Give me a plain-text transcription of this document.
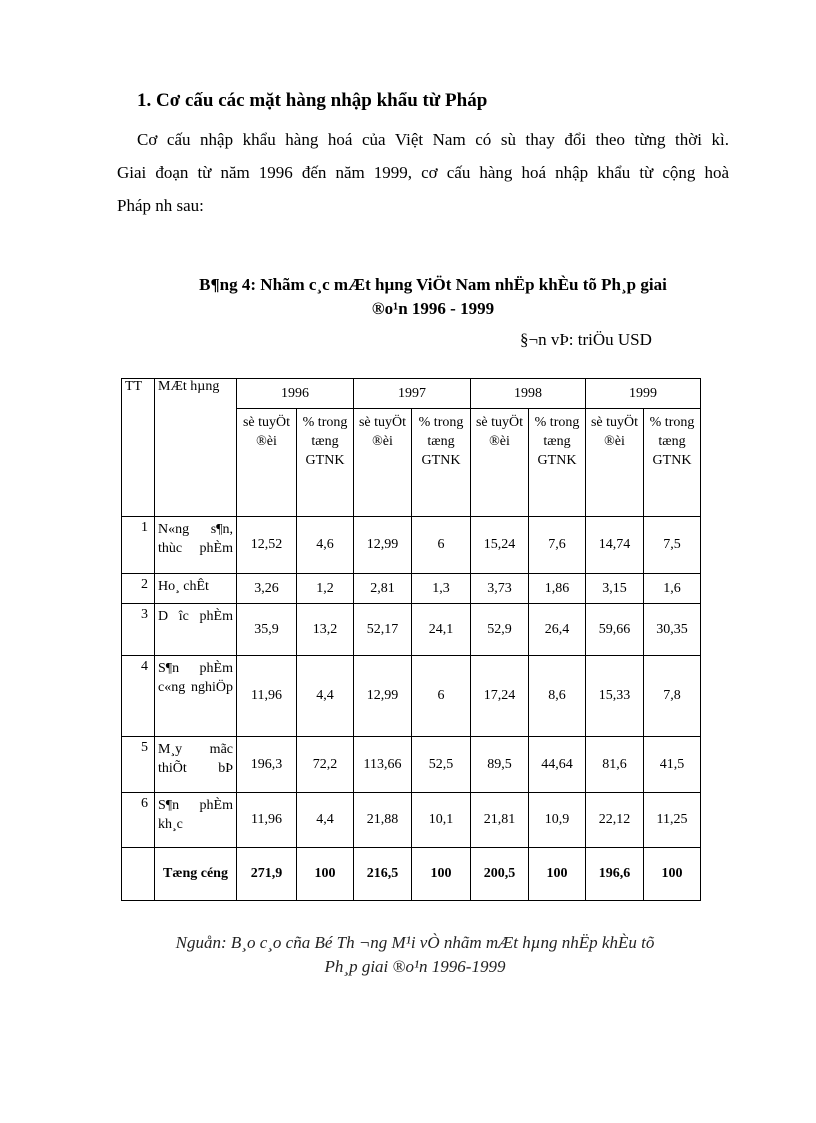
1. Cơ cấu các mặt hàng nhập khẩu từ Pháp
Cơ cấu nhập khẩu hàng hoá của Việt Nam có sù thay đổi theo từng thời kì.
Giai đoạn từ năm 1996 đến năm 1999, cơ cấu hàng hoá nhập khẩu từ cộng hoà
Pháp nh sau:
B¶ng 4: Nhãm c¸c mÆt hµng ViÖt Nam nhËp khÈu tõ Ph¸p giai
®o¹n 1996 - 1999
§¬n vÞ: triÖu USD
TT	MÆt hµng	1996		1997		1998		1999	
		sè tuyÖt ®èi	% trong tæng GTNK	sè tuyÖt ®èi	% trong tæng GTNK	sè tuyÖt ®èi	% trong tæng GTNK	sè tuyÖt ®èi	% trong tæng GTNK
1	N«ng s¶n, thùc phÈm	12,52	4,6	12,99	6	15,24	7,6	14,74	7,5
2	Ho¸ chÊt	3,26	1,2	2,81	1,3	3,73	1,86	3,15	1,6
3	D îc phÈm	35,9	13,2	52,17	24,1	52,9	26,4	59,66	30,35
4	S¶n phÈm c«ng nghiÖp	11,96	4,4	12,99	6	17,24	8,6	15,33	7,8
5	M¸y mãc thiÕt bÞ	196,3	72,2	113,66	52,5	89,5	44,64	81,6	41,5
6	S¶n phÈm kh¸c	11,96	4,4	21,88	10,1	21,81	10,9	22,12	11,25
	Tæng céng	271,9	100	216,5	100	200,5	100	196,6	100
Nguån: B¸o c¸o cña Bé Th ¬ng M¹i vÒ nhãm mÆt hµng nhËp khÈu tõ
Ph¸p giai ®o¹n 1996-1999
